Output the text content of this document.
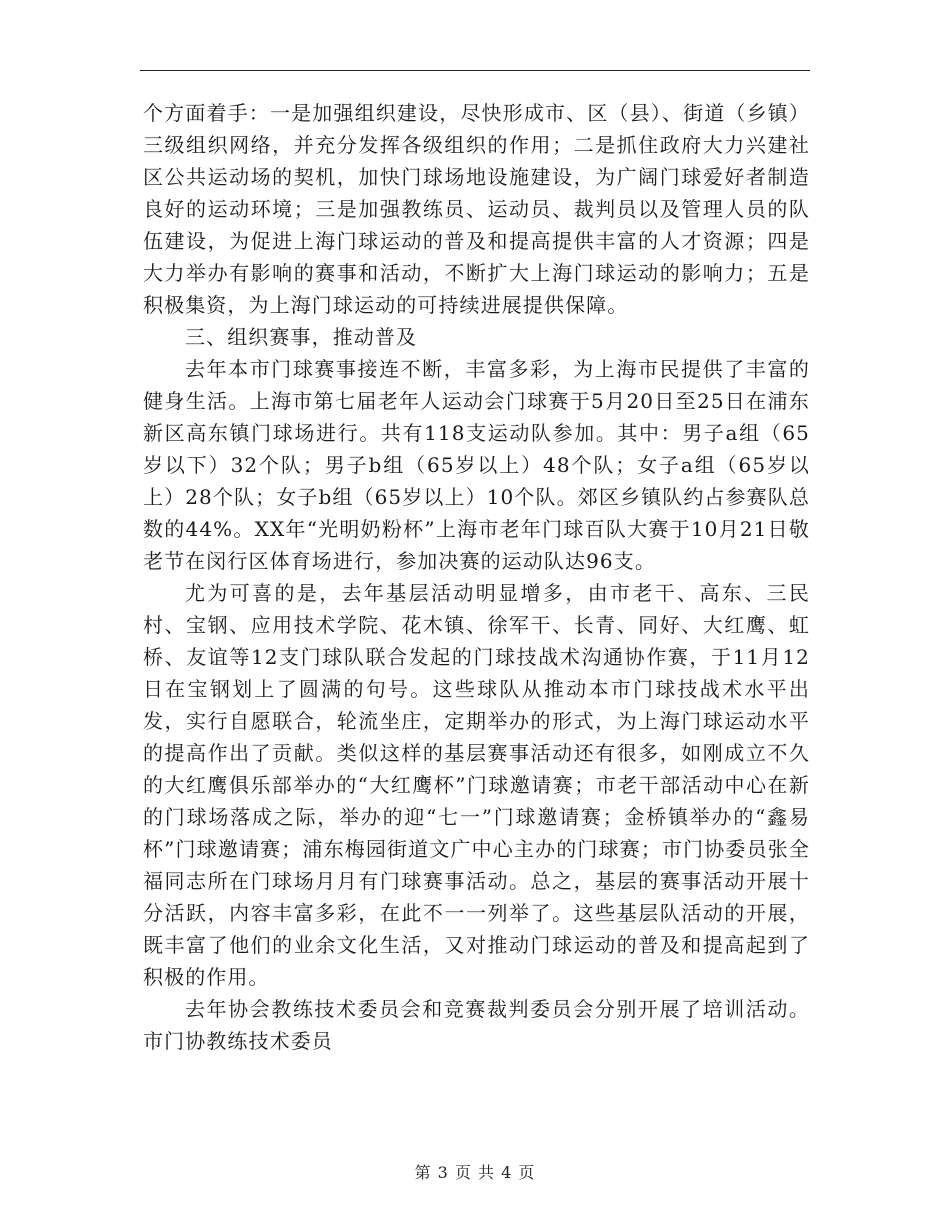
个方面着手：一是加强组织建设，尽快形成市、区（县）、街道（乡镇）三级组织网络，并充分发挥各级组织的作用；二是抓住政府大力兴建社区公共运动场的契机，加快门球场地设施建设，为广阔门球爱好者制造良好的运动环境；三是加强教练员、运动员、裁判员以及管理人员的队伍建设，为促进上海门球运动的普及和提高提供丰富的人才资源；四是大力举办有影响的赛事和活动，不断扩大上海门球运动的影响力；五是积极集资，为上海门球运动的可持续进展提供保障。

三、组织赛事，推动普及

去年本市门球赛事接连不断，丰富多彩，为上海市民提供了丰富的健身生活。上海市第七届老年人运动会门球赛于5月20日至25日在浦东新区高东镇门球场进行。共有118支运动队参加。其中：男子a组（65岁以下）32个队；男子b组（65岁以上）48个队；女子a组（65岁以上）28个队；女子b组（65岁以上）10个队。郊区乡镇队约占参赛队总数的44%。XX年“光明奶粉杯”上海市老年门球百队大赛于10月21日敬老节在闵行区体育场进行，参加决赛的运动队达96支。

尤为可喜的是，去年基层活动明显增多，由市老干、高东、三民村、宝钢、应用技术学院、花木镇、徐军干、长青、同好、大红鹰、虹桥、友谊等12支门球队联合发起的门球技战术沟通协作赛，于11月12日在宝钢划上了圆满的句号。这些球队从推动本市门球技战术水平出发，实行自愿联合，轮流坐庄，定期举办的形式，为上海门球运动水平的提高作出了贡献。类似这样的基层赛事活动还有很多，如刚成立不久的大红鹰俱乐部举办的“大红鹰杯”门球邀请赛；市老干部活动中心在新的门球场落成之际，举办的迎“七一”门球邀请赛；金桥镇举办的“鑫易杯”门球邀请赛；浦东梅园街道文广中心主办的门球赛；市门协委员张全福同志所在门球场月月有门球赛事活动。总之，基层的赛事活动开展十分活跃，内容丰富多彩，在此不一一列举了。这些基层队活动的开展，既丰富了他们的业余文化生活，又对推动门球运动的普及和提高起到了积极的作用。

去年协会教练技术委员会和竞赛裁判委员会分别开展了培训活动。市门协教练技术委员

第 3 页 共 4 页
